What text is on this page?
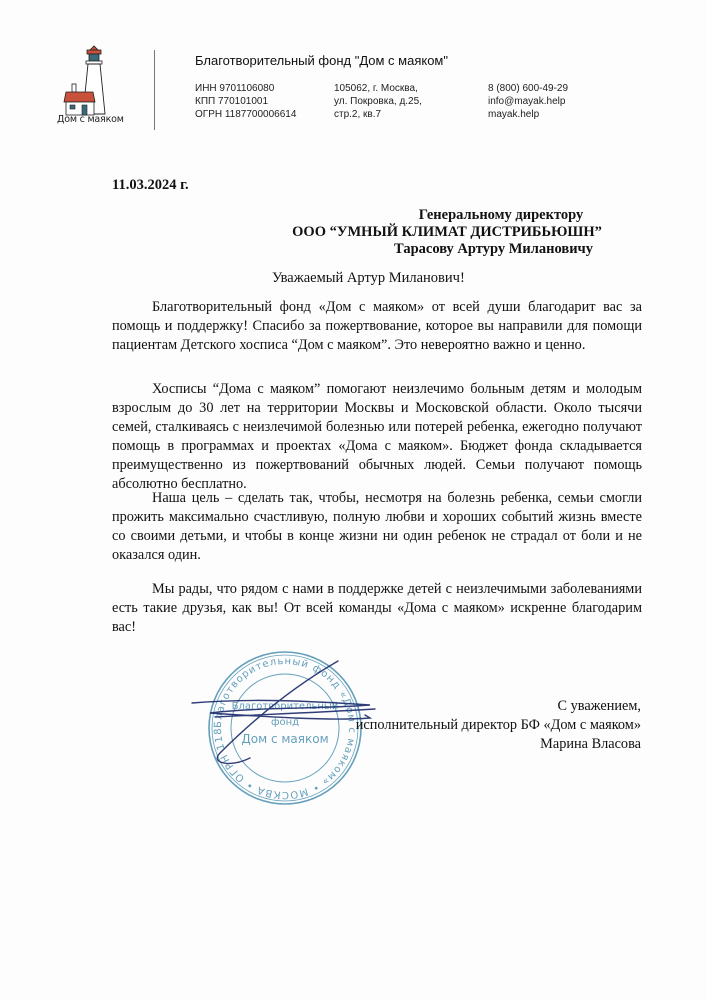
Дом с маяком
Благотворительный фонд "Дом с маяком"
ИНН 9701106080
КПП 770101001
ОГРН 1187700006614
105062, г. Москва,
ул. Покровка, д.25,
стр.2, кв.7
8 (800) 600-49-29
info@mayak.help
mayak.help
11.03.2024 г.
Генеральному директору
ООО “УМНЫЙ КЛИМАТ ДИСТРИБЬЮШН”
Тарасову Артуру Милановичу
Уважаемый Артур Миланович!

Благотворительный фонд «Дом с маяком» от всей души благодарит вас за помощь и поддержку! Спасибо за пожертвование, которое вы направили для помощи пациентам Детского хосписа “Дом с маяком”. Это невероятно важно и ценно.

Хосписы “Дома с маяком” помогают неизлечимо больным детям и молодым взрослым до 30 лет на территории Москвы и Московской области. Около тысячи семей, сталкиваясь с неизлечимой болезнью или потерей ребенка, ежегодно получают помощь в программах и проектах «Дома с маяком». Бюджет фонда складывается преимущественно из пожертвований обычных людей. Семьи получают помощь абсолютно бесплатно.

Наша цель – сделать так, чтобы, несмотря на болезнь ребенка, семьи смогли прожить максимально счастливую, полную любви и хороших событий жизнь вместе со своими детьми, и чтобы в конце жизни ни один ребенок не страдал от боли и не оказался один.

Мы рады, что рядом с нами в поддержке детей с неизлечимыми заболеваниями есть такие друзья, как вы! От всей команды «Дома с маяком» искренне благодарим вас!

Благотворительный фонд «Дом с маяком» • МОСКВА • ОГРН 118
Благотворительный
фонд
Дом с маяком
С уважением,
исполнительный директор БФ «Дом с маяком»
Марина Власова
